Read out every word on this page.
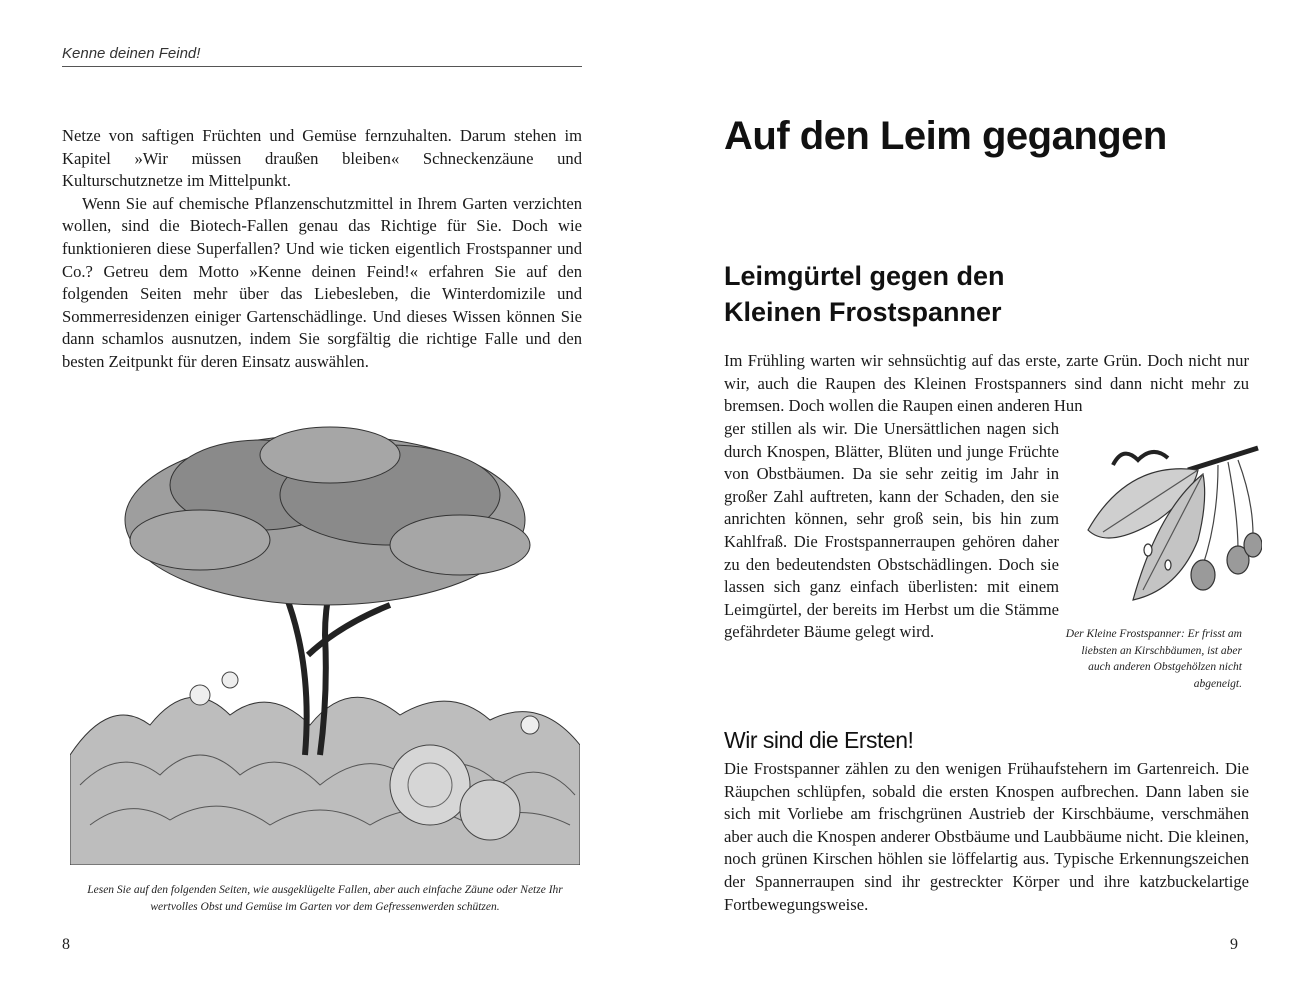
Kenne deinen Feind!

Netze von saftigen Früchten und Gemüse fernzuhalten. Darum stehen im Kapitel »Wir müssen draußen bleiben« Schneckenzäune und Kulturschutznetze im Mittelpunkt.

Wenn Sie auf chemische Pflanzenschutzmittel in Ihrem Garten verzichten wollen, sind die Biotech-Fallen genau das Richtige für Sie. Doch wie funktionieren diese Superfallen? Und wie ticken eigentlich Frostspanner und Co.? Getreu dem Motto »Kenne deinen Feind!« erfahren Sie auf den folgenden Seiten mehr über das Liebesleben, die Winterdomizile und Sommerresidenzen einiger Gartenschädlinge. Und dieses Wissen können Sie dann schamlos ausnutzen, indem Sie sorgfältig die richtige Falle und den besten Zeitpunkt für deren Einsatz auswählen.

Lesen Sie auf den folgenden Seiten, wie ausgeklügelte Fallen, aber auch einfache Zäune oder Netze Ihr wertvolles Obst und Gemüse im Garten vor dem Gefressenwerden schützen.
8
Auf den Leim gegangen
Leimgürtel gegen den
Kleinen Frostspanner
Im Frühling warten wir sehnsüchtig auf das erste, zarte Grün. Doch nicht nur wir, auch die Raupen des Kleinen Frostspanners sind dann nicht mehr zu bremsen. Doch wollen die Raupen einen anderen Hun
ger stillen als wir. Die Unersättlichen nagen sich durch Knospen, Blätter, Blüten und junge Früchte von Obstbäumen. Da sie sehr zeitig im Jahr in großer Zahl auftreten, kann der Schaden, den sie anrichten können, sehr groß sein, bis hin zum Kahlfraß. Die Frostspannerraupen gehören daher zu den bedeutendsten Obstschädlingen. Doch sie lassen sich ganz einfach überlisten: mit einem Leimgürtel, der bereits im Herbst um die Stämme gefährdeter Bäume gelegt wird.	Der Kleine Frostspanner: Er frisst am liebsten an Kirschbäumen, ist aber auch anderen Obstgehölzen nicht abgeneigt.
Wir sind die Ersten!
Die Frostspanner zählen zu den wenigen Frühaufstehern im Gartenreich. Die Räupchen schlüpfen, sobald die ersten Knospen aufbrechen. Dann laben sie sich mit Vorliebe am frischgrünen Austrieb der Kirschbäume, verschmähen aber auch die Knospen anderer Obstbäume und Laubbäume nicht. Die kleinen, noch grünen Kirschen höhlen sie löffelartig aus. Typische Erkennungszeichen der Spannerraupen sind ihr gestreckter Körper und ihre katzbuckelartige Fortbewegungsweise.
9
